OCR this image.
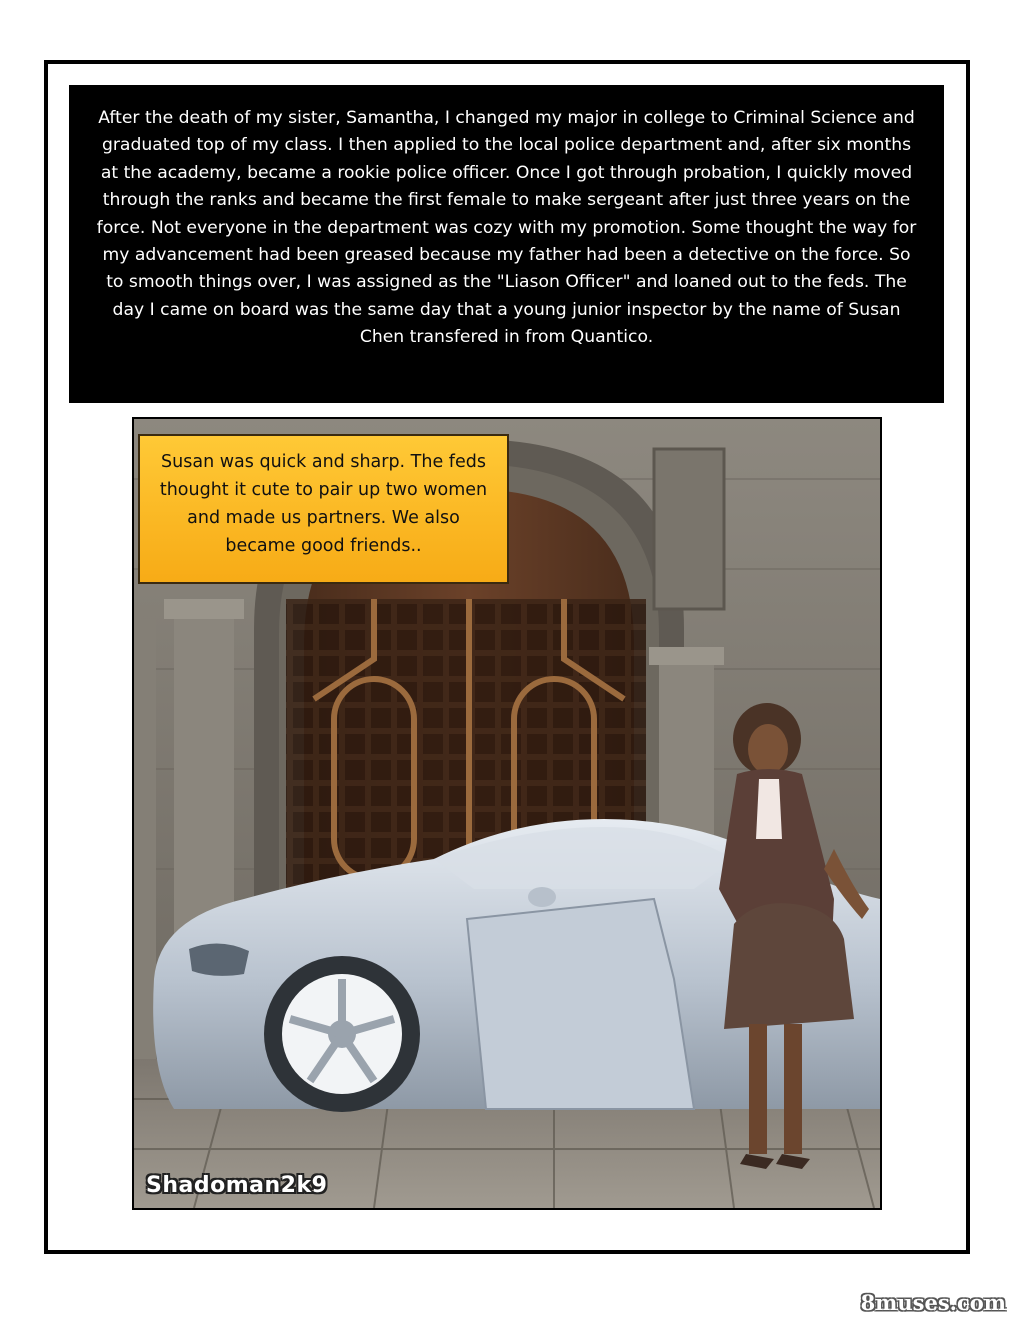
After the death of my sister, Samantha, I changed my major in college to Criminal Science and graduated top of my class. I then applied to the local police department and, after six months at the academy, became a rookie police officer. Once I got through probation, I quickly moved through the ranks and became the first female to make sergeant after just three years on the force. Not everyone in the department was cozy with my promotion. Some thought the way for my advancement had been greased because my father had been a detective on the force. So to smooth things over, I was assigned as the "Liason Officer" and loaned out to the feds. The day I came on board was the same day that a young junior inspector by the name of Susan Chen transfered in from Quantico.
Susan was quick and sharp. The feds thought it cute to pair up two women and made us partners. We also became good friends..
Shadoman2k9
8muses.com
